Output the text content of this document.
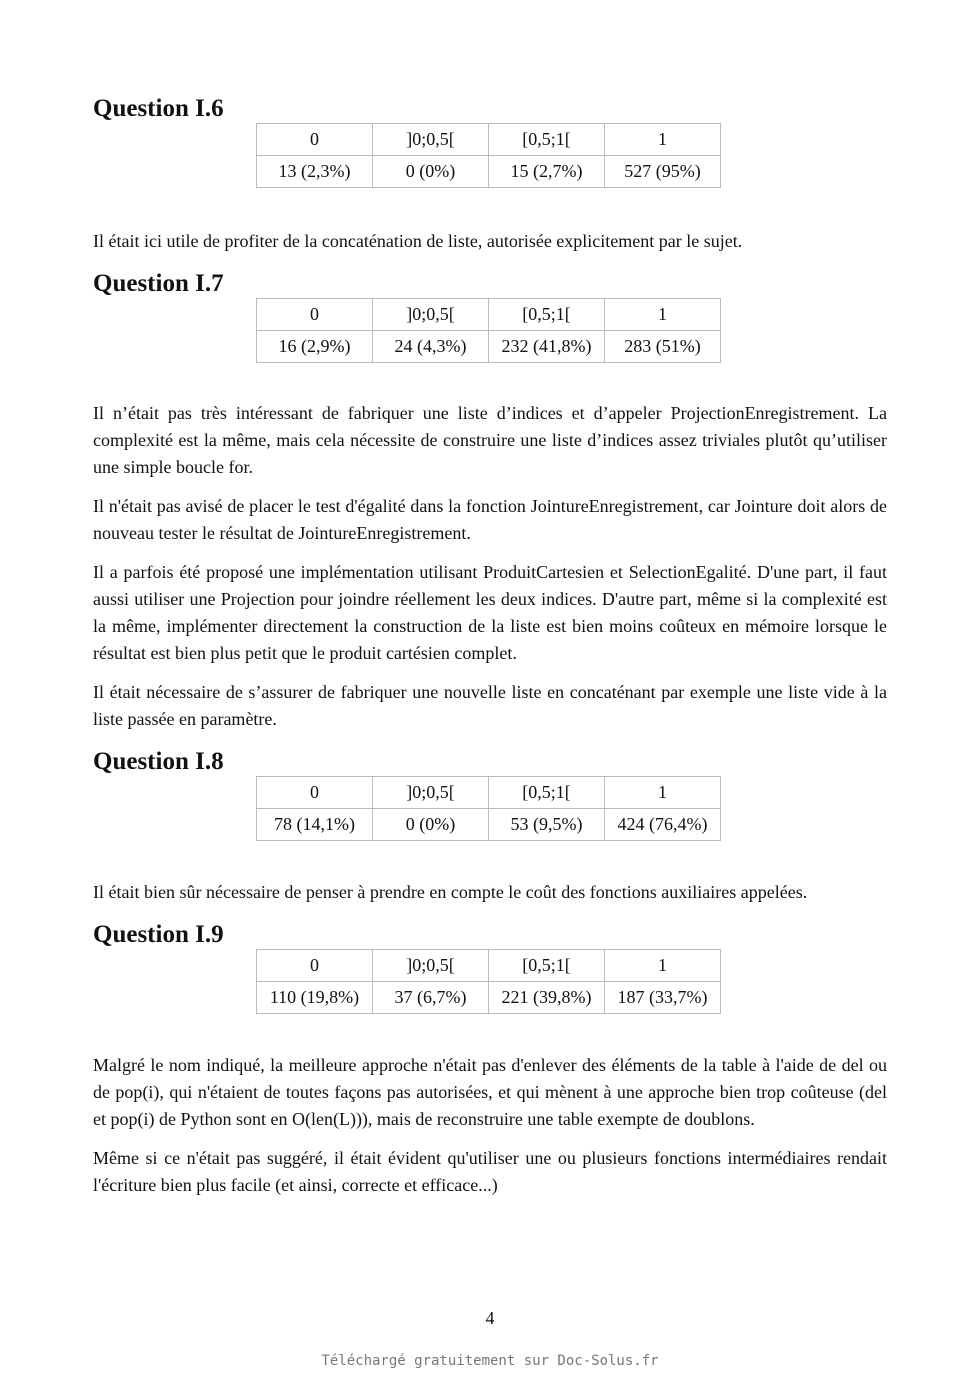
Question I.6
0	]0;0,5[	[0,5;1[	1
13 (2,3%)	0 (0%)	15 (2,7%)	527 (95%)

Il était ici utile de profiter de la concaténation de liste, autorisée explicitement par le sujet.

Question I.7
0	]0;0,5[	[0,5;1[	1
16 (2,9%)	24 (4,3%)	232 (41,8%)	283 (51%)

Il n’était pas très intéressant de fabriquer une liste d’indices et d’appeler ProjectionEnregistrement. La complexité est la même, mais cela nécessite de construire une liste d’indices assez triviales plutôt qu’utiliser une simple boucle for.

Il n'était pas avisé de placer le test d'égalité dans la fonction JointureEnregistrement, car Jointure doit alors de nouveau tester le résultat de JointureEnregistrement.

Il a parfois été proposé une implémentation utilisant ProduitCartesien et SelectionEgalité. D'une part, il faut aussi utiliser une Projection pour joindre réellement les deux indices. D'autre part, même si la complexité est la même, implémenter directement la construction de la liste est bien moins coûteux en mémoire lorsque le résultat est bien plus petit que le produit cartésien complet.

Il était nécessaire de s’assurer de fabriquer une nouvelle liste en concaténant par exemple une liste vide à la liste passée en paramètre.

Question I.8
0	]0;0,5[	[0,5;1[	1
78 (14,1%)	0 (0%)	53 (9,5%)	424 (76,4%)

Il était bien sûr nécessaire de penser à prendre en compte le coût des fonctions auxiliaires appelées.

Question I.9
0	]0;0,5[	[0,5;1[	1
110 (19,8%)	37 (6,7%)	221 (39,8%)	187 (33,7%)

Malgré le nom indiqué, la meilleure approche n'était pas d'enlever des éléments de la table à l'aide de del ou de pop(i), qui n'étaient de toutes façons pas autorisées, et qui mènent à une approche bien trop coûteuse (del et pop(i) de Python sont en O(len(L))), mais de reconstruire une table exempte de doublons.

Même si ce n'était pas suggéré, il était évident qu'utiliser une ou plusieurs fonctions intermédiaires rendait l'écriture bien plus facile (et ainsi, correcte et efficace...)

4
Téléchargé gratuitement sur Doc-Solus.fr
